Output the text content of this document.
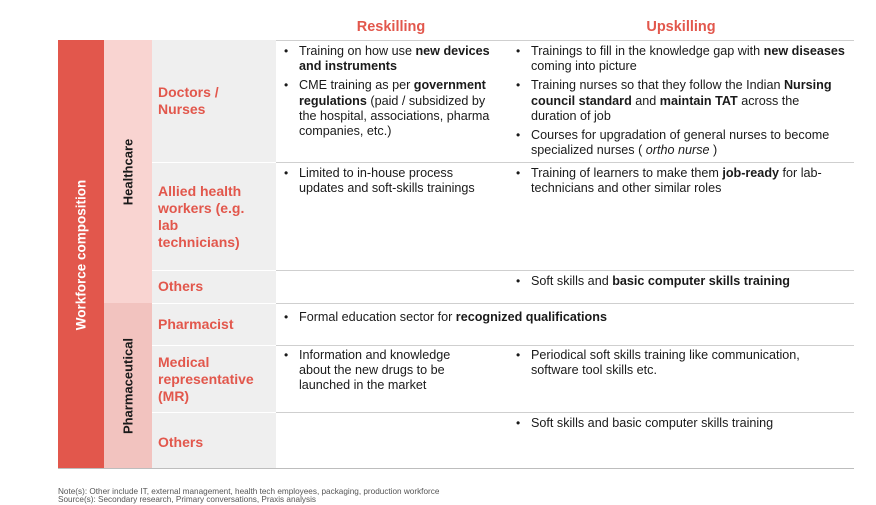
Reskilling	Upskilling
Workforce composition
Healthcare
Pharmaceutical
Doctors / Nurses
Allied health workers (e.g. lab technicians)
Others
Pharmacist
Medical representative (MR)
Others
• Training on how use new devices and instruments
• CME training as per government regulations (paid / subsidized by the hospital, associations, pharma companies, etc.)
• Trainings to fill in the knowledge gap with new diseases coming into picture
• Training nurses so that they follow the Indian Nursing council standard and maintain TAT across the duration of job
• Courses for upgradation of general nurses to become specialized nurses ( ortho nurse )
• Limited to in-house process updates and soft-skills trainings
• Training of learners to make them job-ready for lab-technicians and other similar roles
• Soft skills and basic computer skills training
• Formal education sector for recognized qualifications
• Information and knowledge about the new drugs to be launched in the market
• Periodical soft skills training like communication, software tool skills etc.
• Soft skills and basic computer skills training
Note(s): Other include IT, external management, health tech employees, packaging, production workforce
Source(s): Secondary research, Primary conversations, Praxis analysis
